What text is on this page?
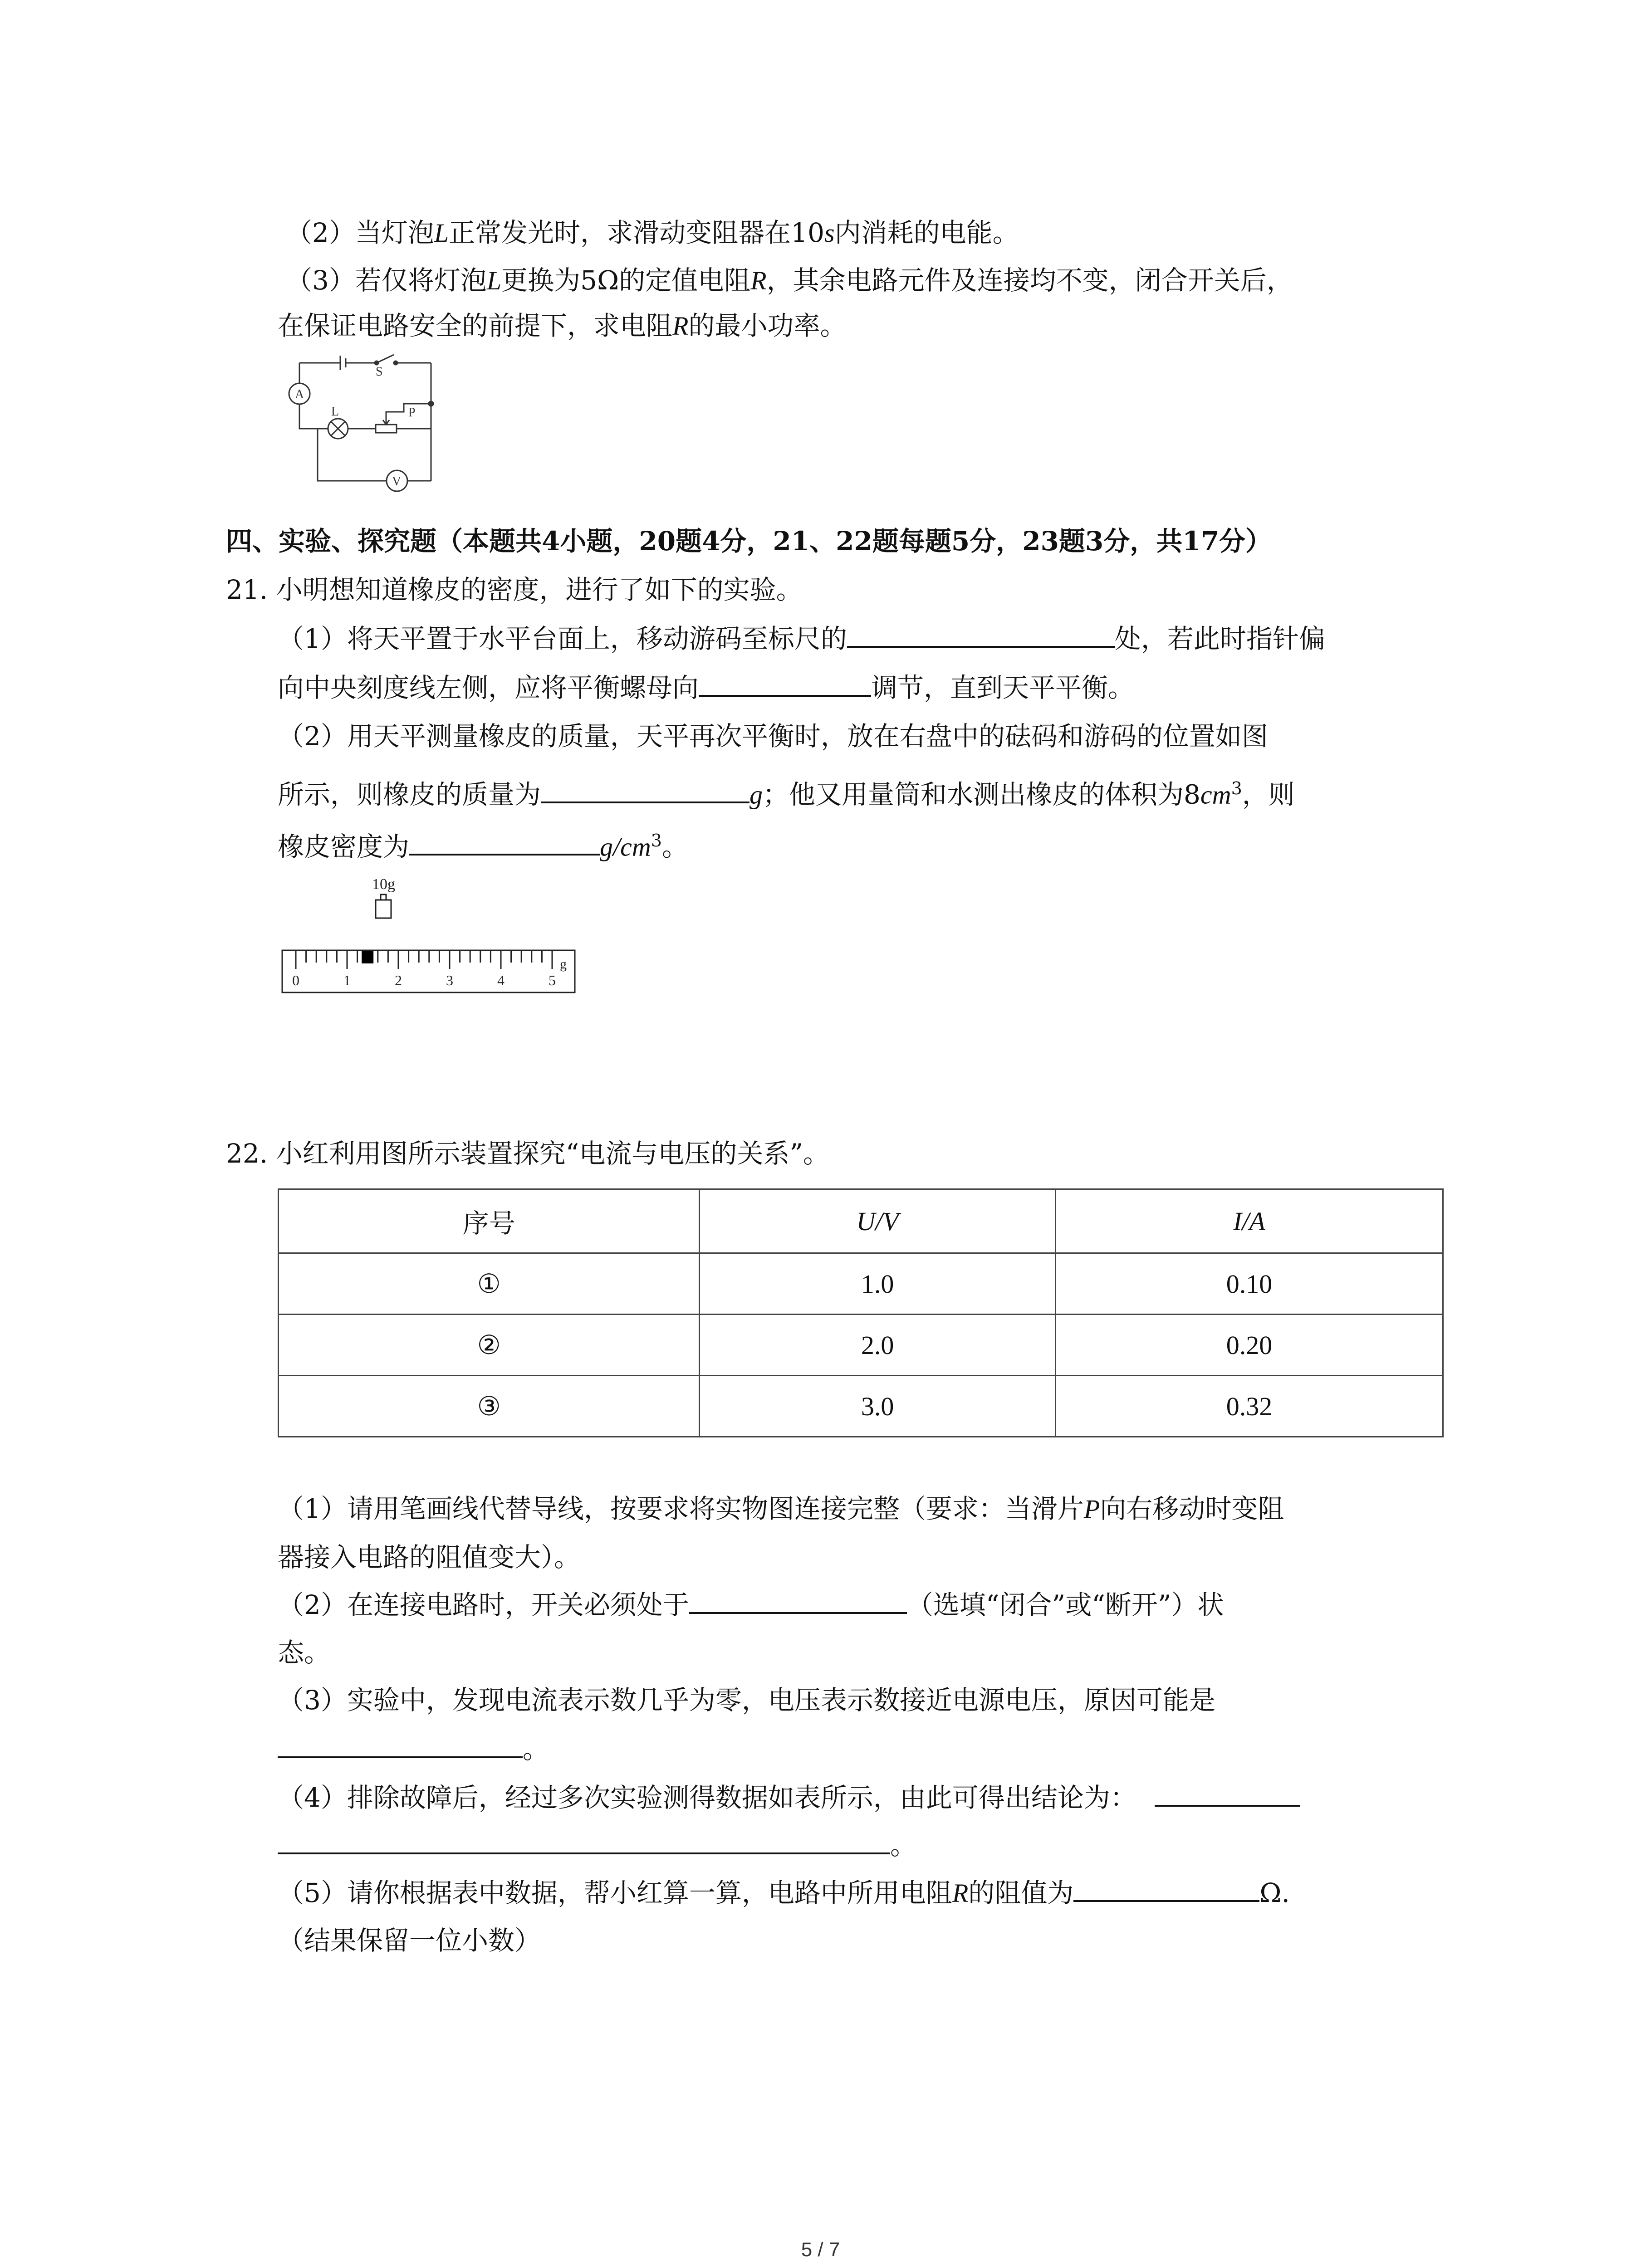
（2）当灯泡L正常发光时，求滑动变阻器在10s内消耗的电能。
（3）若仅将灯泡L更换为5Ω的定值电阻R，其余电路元件及连接均不变，闭合开关后，
在保证电路安全的前提下，求电阻R的最小功率。
S
A
L	P
V
四、实验、探究题（本题共4小题，20题4分，21、22题每题5分，23题3分，共17分）
21. 小明想知道橡皮的密度，进行了如下的实验。
（1）将天平置于水平台面上，移动游码至标尺的	处，若此时指针偏
向中央刻度线左侧，应将平衡螺母向	调节，直到天平平衡。
（2）用天平测量橡皮的质量，天平再次平衡时，放在右盘中的砝码和游码的位置如图
所示，则橡皮的质量为	g；他又用量筒和水测出橡皮的体积为$8cm^3$，则
橡皮密度为	$g/cm^3$。
10g
0	1	2	3	4	5
g
22. 小红利用图所示装置探究“电流与电压的关系”。
序号	U/V	I/A
①	1.0	0.10
②	2.0	0.20
③	3.0	0.32
（1）请用笔画线代替导线，按要求将实物图连接完整（要求：当滑片P向右移动时变阻
器接入电路的阻值变大）。
（2）在连接电路时，开关必须处于	（选填“闭合”或“断开”）状
态。
（3）实验中，发现电流表示数几乎为零，电压表示数接近电源电压，原因可能是
。
（4）排除故障后，经过多次实验测得数据如表所示，由此可得出结论为：
。
（5）请你根据表中数据，帮小红算一算，电路中所用电阻R的阻值为	Ω.
（结果保留一位小数）
5 / 7
